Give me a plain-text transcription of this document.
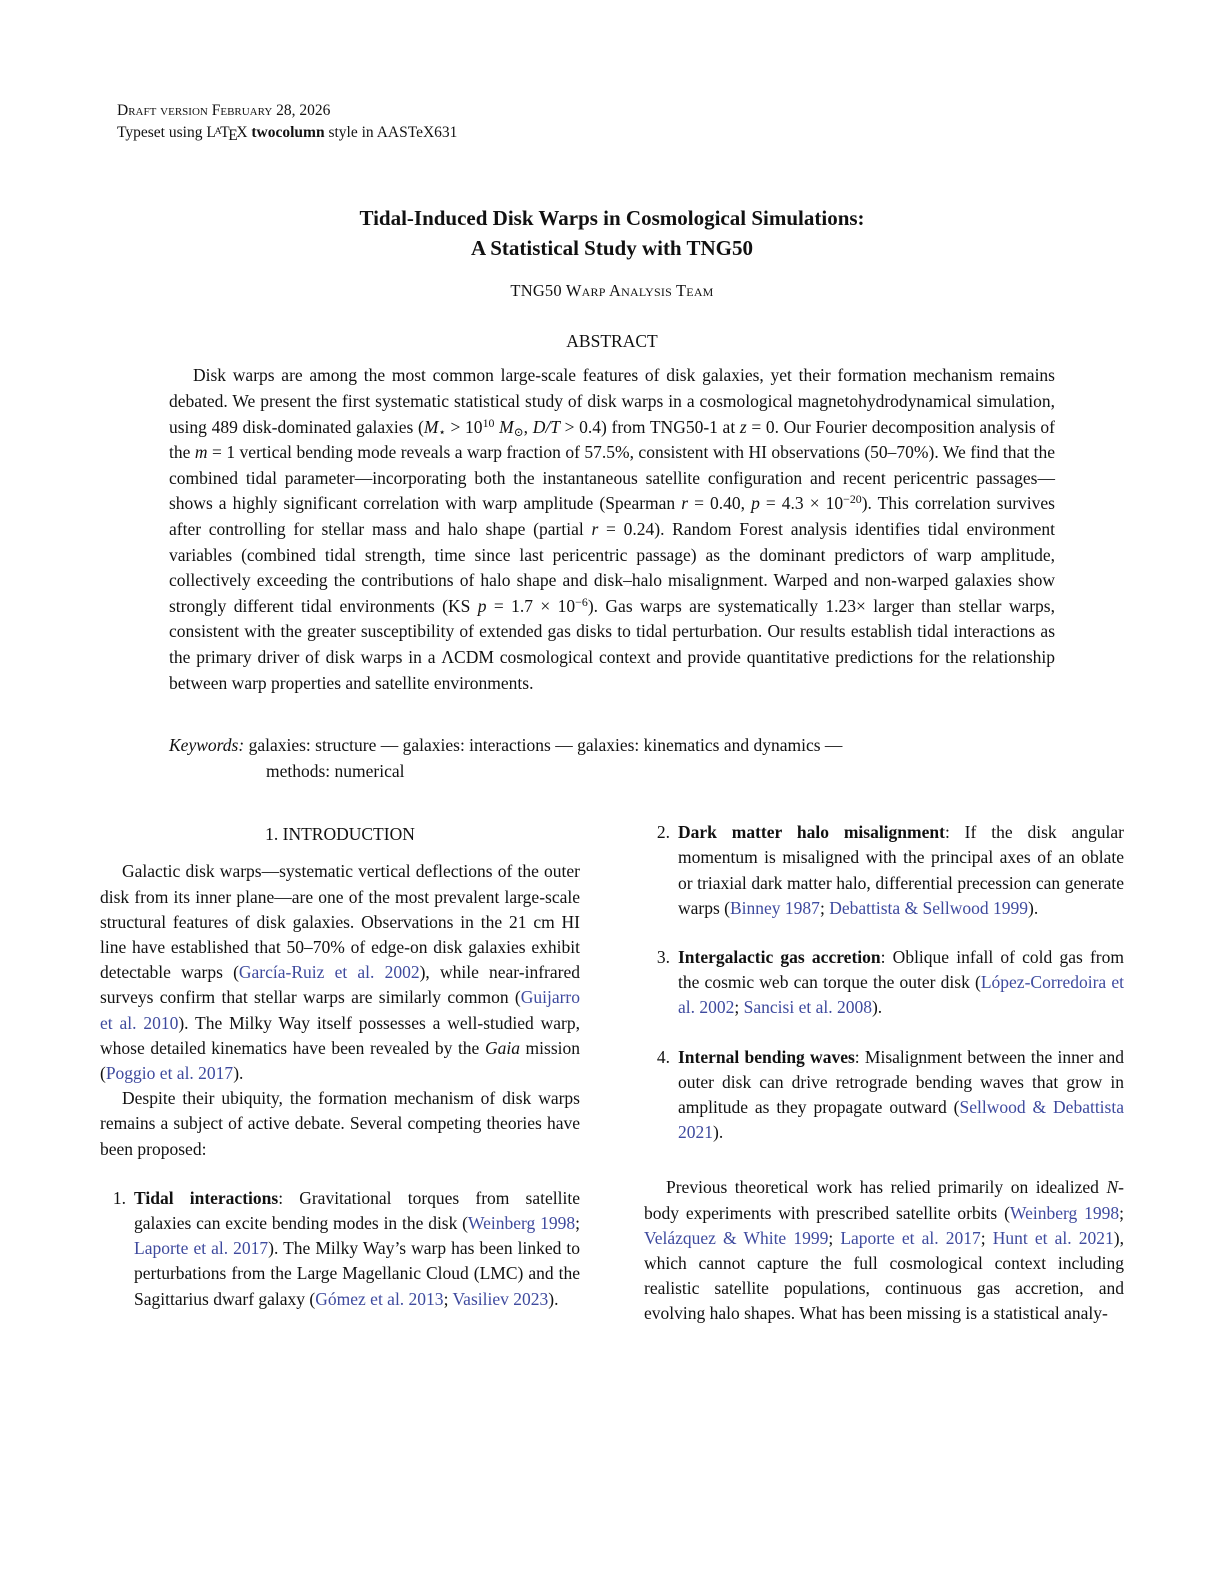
Draft version February 28, 2026
Typeset using $L^ATEX$ twocolumn style in AASTeX631
Tidal-Induced Disk Warps in Cosmological Simulations:
A Statistical Study with TNG50
TNG50 Warp Analysis Team
ABSTRACT
Disk warps are among the most common large-scale features of disk galaxies, yet their formation mechanism remains debated. We present the first systematic statistical study of disk warps in a cosmological magnetohydrodynamical simulation, using 489 disk-dominated galaxies (M⋆ > $10^{10}$ M⊙, D/T > 0.4) from TNG50-1 at z = 0. Our Fourier decomposition analysis of the m = 1 vertical bending mode reveals a warp fraction of 57.5%, consistent with HI observations (50–70%). We find that the combined tidal parameter—incorporating both the instantaneous satellite configuration and recent pericentric passages—shows a highly significant correlation with warp amplitude (Spearman r = 0.40, $p = 4.3 \times 10^{-20}$). This correlation survives after controlling for stellar mass and halo shape (partial r = 0.24). Random Forest analysis identifies tidal environment variables (combined tidal strength, time since last pericentric passage) as the dominant predictors of warp amplitude, collectively exceeding the contributions of halo shape and disk–halo misalignment. Warped and non-warped galaxies show strongly different tidal environments (KS $p = 1.7 \times 10^{-6}$). Gas warps are systematically 1.23× larger than stellar warps, consistent with the greater susceptibility of extended gas disks to tidal perturbation. Our results establish tidal interactions as the primary driver of disk warps in a ΛCDM cosmological context and provide quantitative predictions for the relationship between warp properties and satellite environments.
Keywords: galaxies: structure — galaxies: interactions — galaxies: kinematics and dynamics —
methods: numerical
1. INTRODUCTION

Galactic disk warps—systematic vertical deflections of the outer disk from its inner plane—are one of the most prevalent large-scale structural features of disk galaxies. Observations in the 21 cm HI line have established that 50–70% of edge-on disk galaxies exhibit detectable warps (García-Ruiz et al. 2002), while near-infrared surveys confirm that stellar warps are similarly common (Guijarro et al. 2010). The Milky Way itself possesses a well-studied warp, whose detailed kinematics have been revealed by the Gaia mission (Poggio et al. 2017).

Despite their ubiquity, the formation mechanism of disk warps remains a subject of active debate. Several competing theories have been proposed:

1. Tidal interactions: Gravitational torques from satellite galaxies can excite bending modes in the disk (Weinberg 1998; Laporte et al. 2017). The Milky Way’s warp has been linked to perturbations from the Large Magellanic Cloud (LMC) and the Sagittarius dwarf galaxy (Gómez et al. 2013; Vasiliev 2023).
2. Dark matter halo misalignment: If the disk angular momentum is misaligned with the principal axes of an oblate or triaxial dark matter halo, differential precession can generate warps (Binney 1987; Debattista & Sellwood 1999).
3. Intergalactic gas accretion: Oblique infall of cold gas from the cosmic web can torque the outer disk (López-Corredoira et al. 2002; Sancisi et al. 2008).
4. Internal bending waves: Misalignment between the inner and outer disk can drive retrograde bending waves that grow in amplitude as they propagate outward (Sellwood & Debattista 2021).

Previous theoretical work has relied primarily on idealized N-body experiments with prescribed satellite orbits (Weinberg 1998; Velázquez & White 1999; Laporte et al. 2017; Hunt et al. 2021), which cannot capture the full cosmological context including realistic satellite populations, continuous gas accretion, and evolving halo shapes. What has been missing is a statistical analy-
